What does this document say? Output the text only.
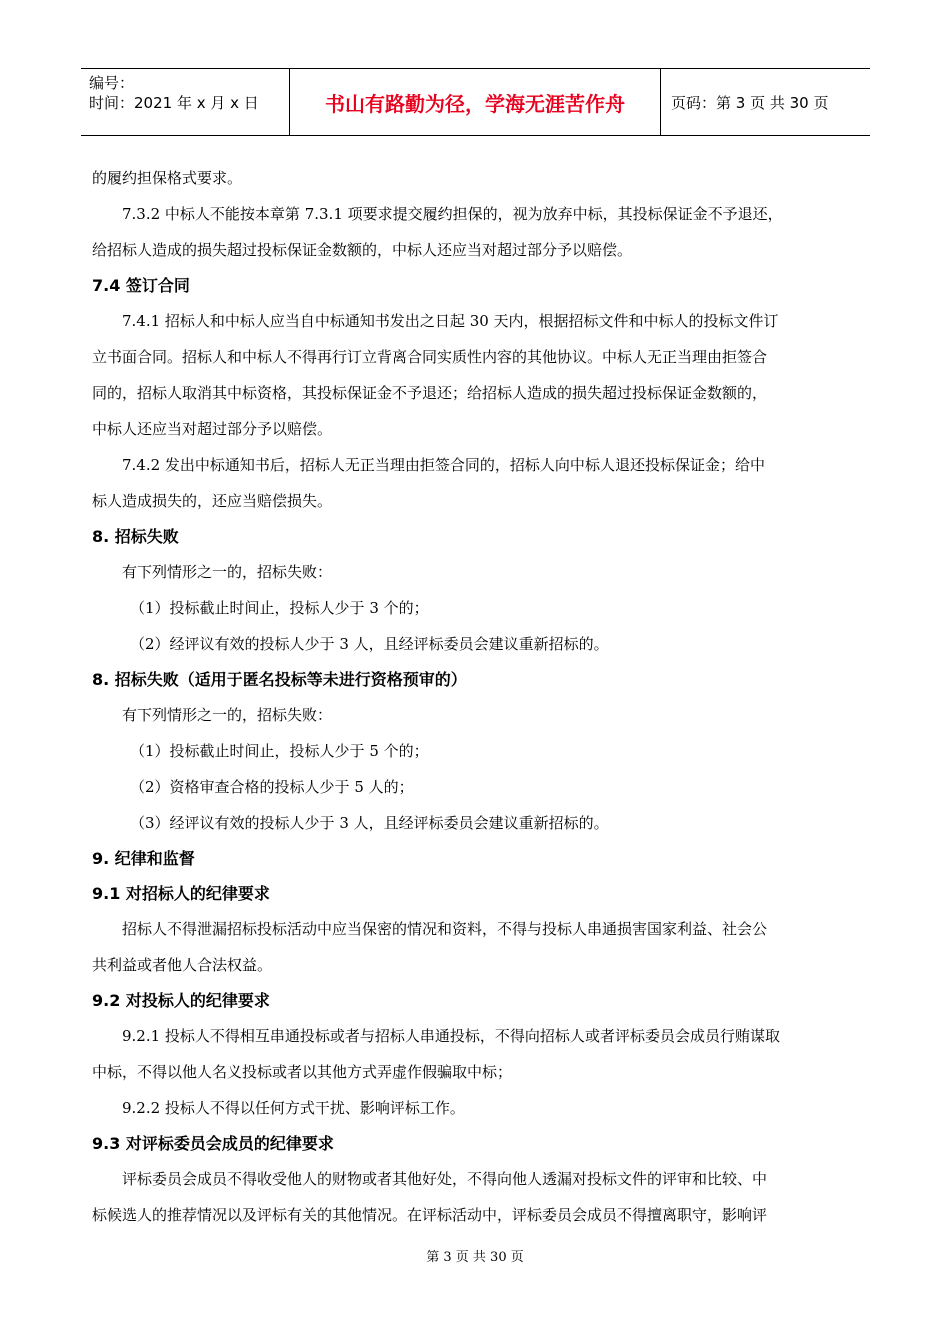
编号：
时间：2021 年 x 月 x 日	书山有路勤为径，学海无涯苦作舟	页码：第 3 页 共 30 页

的履约担保格式要求。

7.3.2 中标人不能按本章第 7.3.1 项要求提交履约担保的，视为放弃中标，其投标保证金不予退还，

给招标人造成的损失超过投标保证金数额的，中标人还应当对超过部分予以赔偿。

7.4 签订合同

7.4.1 招标人和中标人应当自中标通知书发出之日起 30 天内，根据招标文件和中标人的投标文件订

立书面合同。招标人和中标人不得再行订立背离合同实质性内容的其他协议。中标人无正当理由拒签合

同的，招标人取消其中标资格，其投标保证金不予退还；给招标人造成的损失超过投标保证金数额的，

中标人还应当对超过部分予以赔偿。

7.4.2 发出中标通知书后，招标人无正当理由拒签合同的，招标人向中标人退还投标保证金；给中

标人造成损失的，还应当赔偿损失。

8. 招标失败

有下列情形之一的，招标失败：

（1）投标截止时间止，投标人少于 3 个的；

（2）经评议有效的投标人少于 3 人，且经评标委员会建议重新招标的。

8. 招标失败（适用于匿名投标等未进行资格预审的）

有下列情形之一的，招标失败：

（1）投标截止时间止，投标人少于 5 个的；

（2）资格审查合格的投标人少于 5 人的；

（3）经评议有效的投标人少于 3 人，且经评标委员会建议重新招标的。

9. 纪律和监督

9.1 对招标人的纪律要求

招标人不得泄漏招标投标活动中应当保密的情况和资料，不得与投标人串通损害国家利益、社会公

共利益或者他人合法权益。

9.2 对投标人的纪律要求

9.2.1 投标人不得相互串通投标或者与招标人串通投标，不得向招标人或者评标委员会成员行贿谋取

中标，不得以他人名义投标或者以其他方式弄虚作假骗取中标；

9.2.2 投标人不得以任何方式干扰、影响评标工作。

9.3 对评标委员会成员的纪律要求

评标委员会成员不得收受他人的财物或者其他好处，不得向他人透漏对投标文件的评审和比较、中

标候选人的推荐情况以及评标有关的其他情况。在评标活动中，评标委员会成员不得擅离职守，影响评

第 3 页 共 30 页
